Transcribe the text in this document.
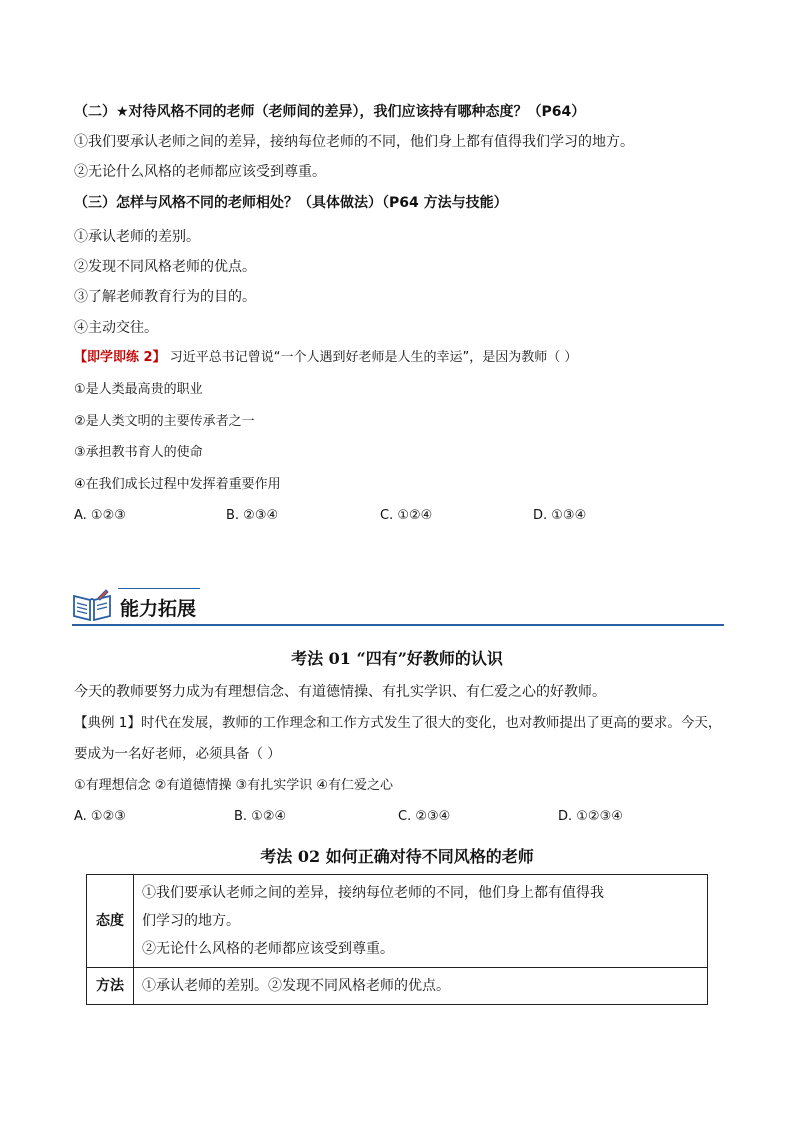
（二）★对待风格不同的老师（老师间的差异），我们应该持有哪种态度？（P64）
①我们要承认老师之间的差异，接纳每位老师的不同，他们身上都有值得我们学习的地方。
②无论什么风格的老师都应该受到尊重。
（三）怎样与风格不同的老师相处？（具体做法）（P64 方法与技能）
①承认老师的差别。
②发现不同风格老师的优点。
③了解老师教育行为的目的。
④主动交往。
【即学即练 2】 习近平总书记曾说“一个人遇到好老师是人生的幸运”，是因为教师（ ）
①是人类最高贵的职业
②是人类文明的主要传承者之一
③承担教书育人的使命
④在我们成长过程中发挥着重要作用
A. ①②③	B. ②③④	C. ①②④	D. ①③④
能力拓展
考法 01 “四有”好教师的认识
今天的教师要努力成为有理想信念、有道德情操、有扎实学识、有仁爱之心的好教师。
【典例 1】时代在发展，教师的工作理念和工作方式发生了很大的变化，也对教师提出了更高的要求。今天，
要成为一名好老师，必须具备（ ）
①有理想信念 ②有道德情操 ③有扎实学识 ④有仁爱之心
A. ①②③	B. ①②④	C. ②③④	D. ①②③④
考法 02 如何正确对待不同风格的老师
态度	①我们要承认老师之间的差异，接纳每位老师的不同，他们身上都有值得我
们学习的地方。
②无论什么风格的老师都应该受到尊重。

方法	①承认老师的差别。②发现不同风格老师的优点。
